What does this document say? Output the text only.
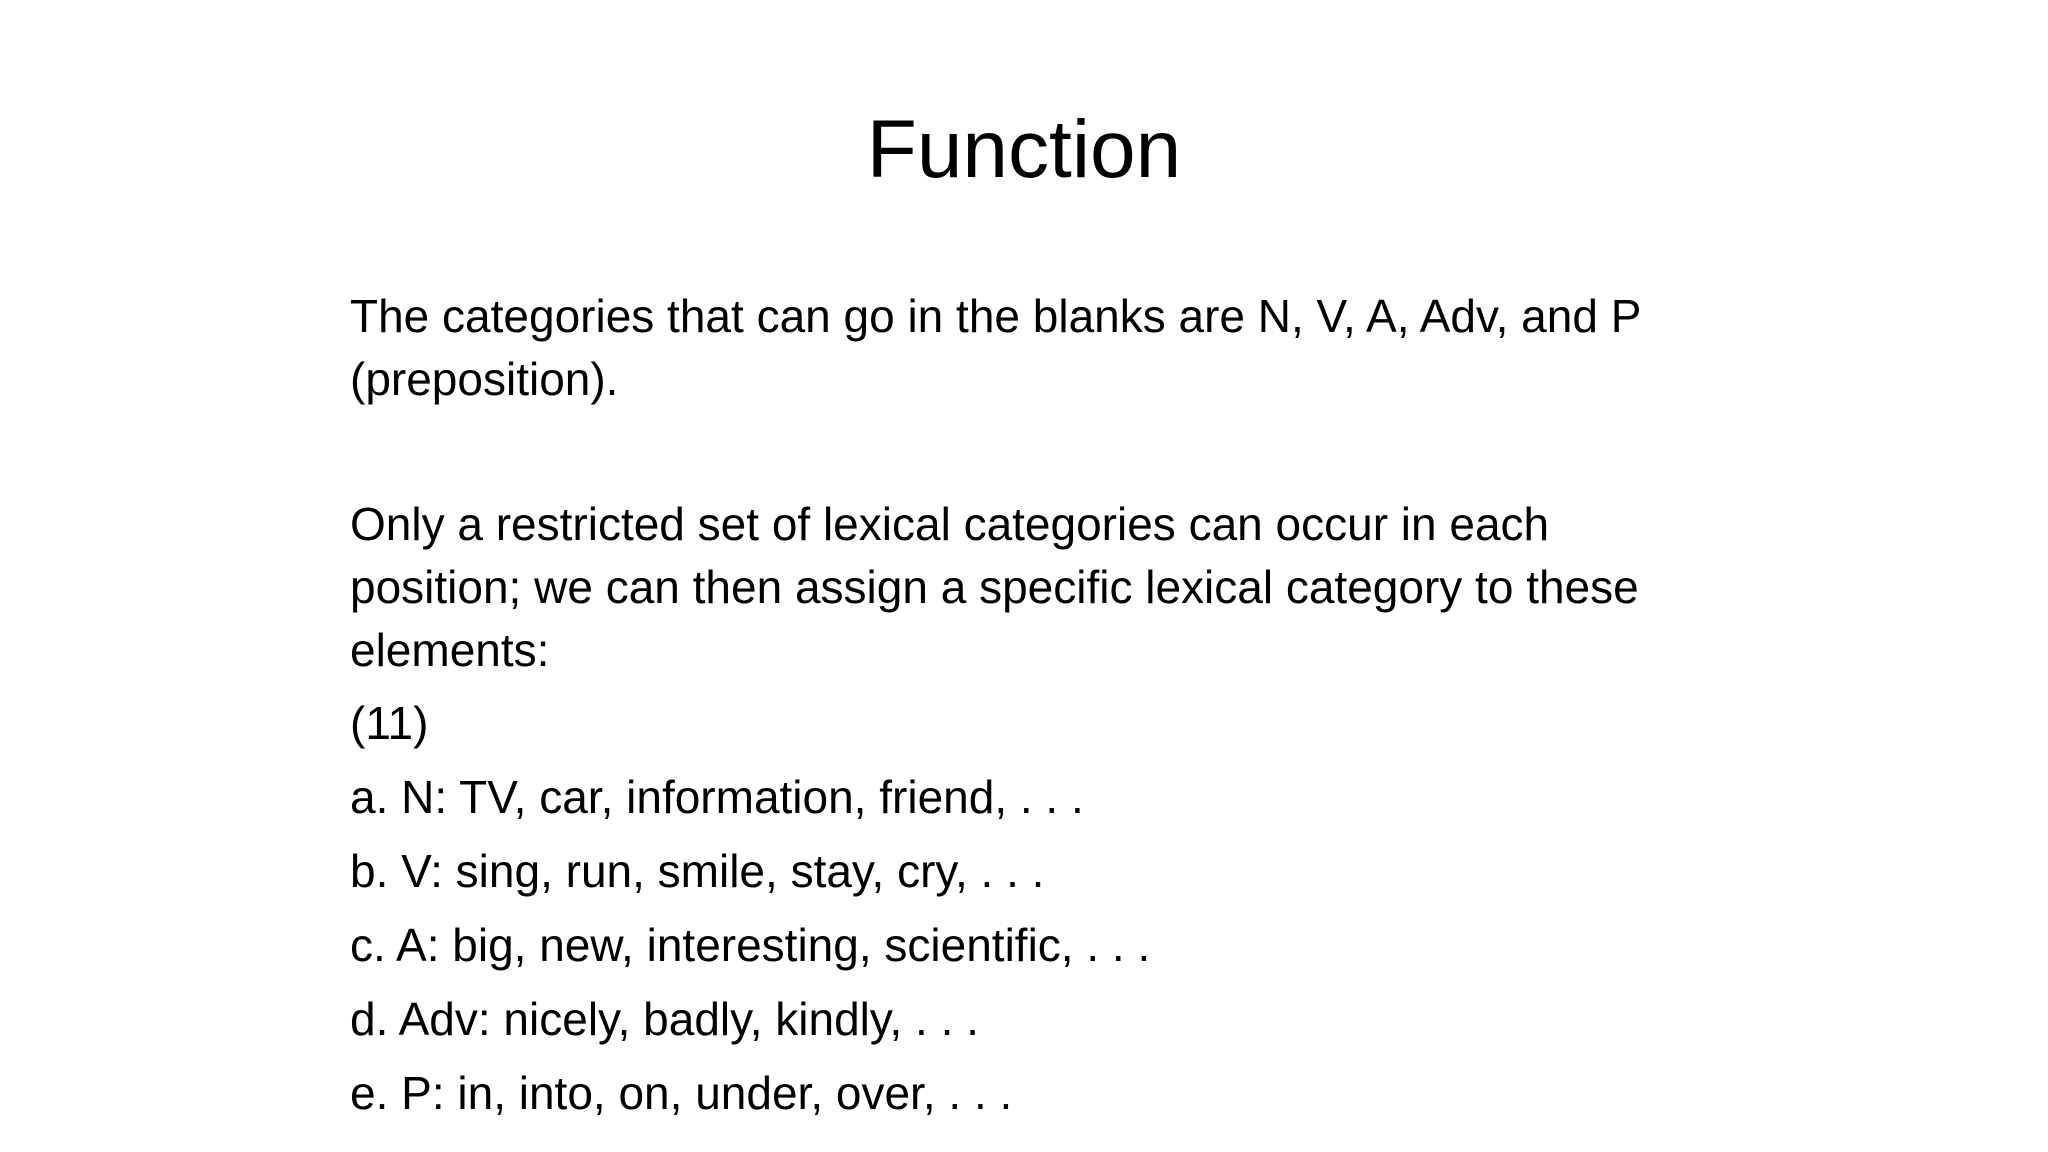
Function

The categories that can go in the blanks are N, V, A, Adv, and P (preposition).

Only a restricted set of lexical categories can occur in each position; we can then assign a specific lexical category to these elements:

(11)

a. N: TV, car, information, friend, . . .
b. V: sing, run, smile, stay, cry, . . .
c. A: big, new, interesting, scientific, . . .
d. Adv: nicely, badly, kindly, . . .
e. P: in, into, on, under, over, . . .
